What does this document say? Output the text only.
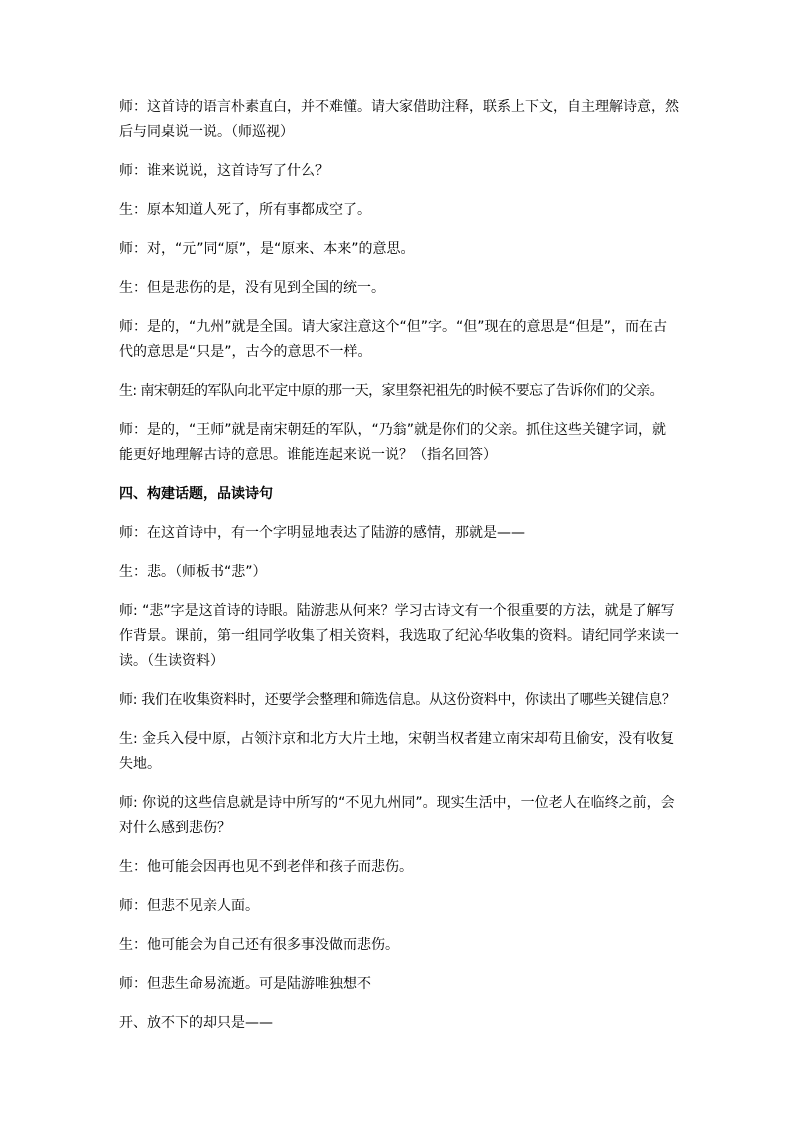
师：这首诗的语言朴素直白，并不难懂。请大家借助注释，联系上下文，自主理解诗意，然后与同桌说一说。（师巡视）

师：谁来说说，这首诗写了什么？

生：原本知道人死了，所有事都成空了。

师：对，“元”同“原”，是“原来、本来”的意思。

生：但是悲伤的是，没有见到全国的统一。

师：是的，“九州”就是全国。请大家注意这个“但”字。“但”现在的意思是“但是”，而在古代的意思是“只是”，古今的意思不一样。

生: 南宋朝廷的军队向北平定中原的那一天，家里祭祀祖先的时候不要忘了告诉你们的父亲。

师：是的，“王师”就是南宋朝廷的军队，“乃翁”就是你们的父亲。抓住这些关键字词，就能更好地理解古诗的意思。谁能连起来说一说？（指名回答）

四、构建话题，品读诗句

师：在这首诗中，有一个字明显地表达了陆游的感情，那就是——

生：悲。（师板书“悲”）

师: “悲”字是这首诗的诗眼。陆游悲从何来？学习古诗文有一个很重要的方法，就是了解写作背景。课前，第一组同学收集了相关资料，我选取了纪沁华收集的资料。请纪同学来读一读。（生读资料）

师: 我们在收集资料时，还要学会整理和筛选信息。从这份资料中，你读出了哪些关键信息？

生: 金兵入侵中原，占领汴京和北方大片土地，宋朝当权者建立南宋却苟且偷安，没有收复失地。

师: 你说的这些信息就是诗中所写的“不见九州同”。现实生活中，一位老人在临终之前，会对什么感到悲伤？

生：他可能会因再也见不到老伴和孩子而悲伤。

师：但悲不见亲人面。

生：他可能会为自己还有很多事没做而悲伤。

师：但悲生命易流逝。可是陆游唯独想不

开、放不下的却只是——
